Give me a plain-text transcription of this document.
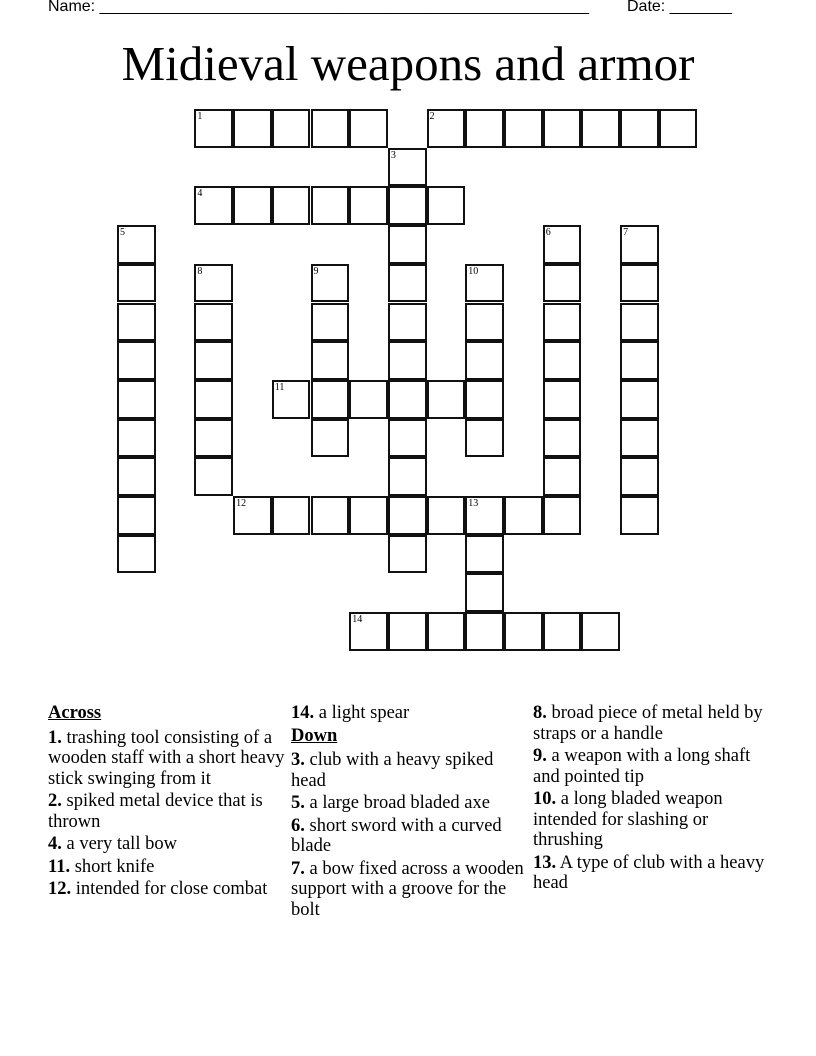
Name: _______________________________________________________ Date: _______
Midieval weapons and armor
1	2
3
4
5	6	7
8	9	10
11
12	13
14
Across
1. trashing tool consisting of a wooden staff with a short heavy stick swinging from it
2. spiked metal device that is thrown
4. a very tall bow
11. short knife
12. intended for close combat
14. a light spear
Down
3. club with a heavy spiked head
5. a large broad bladed axe
6. short sword with a curved blade
7. a bow fixed across a wooden support with a groove for the bolt
8. broad piece of metal held by straps or a handle
9. a weapon with a long shaft and pointed tip
10. a long bladed weapon intended for slashing or thrushing
13. A type of club with a heavy head
